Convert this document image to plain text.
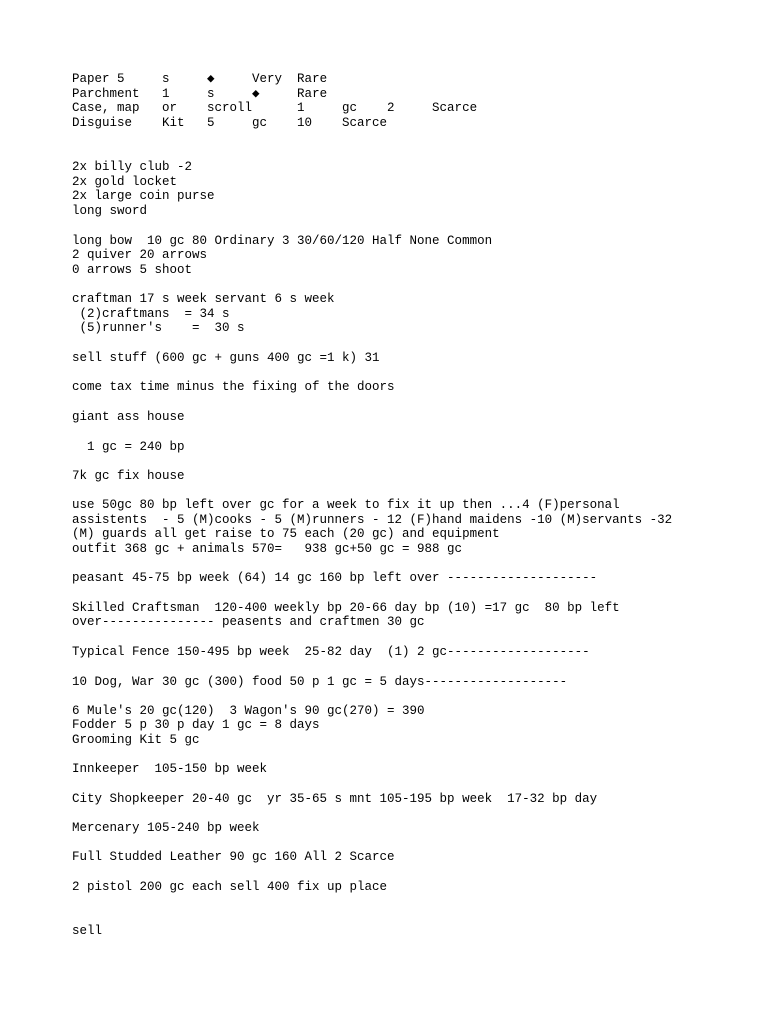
Paper 5     s     ◆     Very  Rare
Parchment   1     s     ◆     Rare
Case, map   or    scroll      1     gc    2     Scarce
Disguise    Kit   5     gc    10    Scarce
2x billy club -2
2x gold locket
2x large coin purse
long sword
long bow  10 gc 80 Ordinary 3 30/60/120 Half None Common
2 quiver 20 arrows
0 arrows 5 shoot
craftman 17 s week servant 6 s week
(2)craftmans  = 34 s
(5)runner's    =  30 s
sell stuff (600 gc + guns 400 gc =1 k) 31
come tax time minus the fixing of the doors
giant ass house
1 gc = 240 bp
7k gc fix house
use 50gc 80 bp left over gc for a week to fix it up then ...4 (F)personal
assistents  - 5 (M)cooks - 5 (M)runners - 12 (F)hand maidens -10 (M)servants -32
(M) guards all get raise to 75 each (20 gc) and equipment
outfit 368 gc + animals 570=   938 gc+50 gc = 988 gc
peasant 45-75 bp week (64) 14 gc 160 bp left over --------------------
Skilled Craftsman  120-400 weekly bp 20-66 day bp (10) =17 gc  80 bp left
over--------------- peasents and craftmen 30 gc
Typical Fence 150-495 bp week  25-82 day  (1) 2 gc-------------------
10 Dog, War 30 gc (300) food 50 p 1 gc = 5 days-------------------
6 Mule's 20 gc(120)  3 Wagon's 90 gc(270) = 390
Fodder 5 p 30 p day 1 gc = 8 days
Grooming Kit 5 gc
Innkeeper  105-150 bp week
City Shopkeeper 20-40 gc  yr 35-65 s mnt 105-195 bp week  17-32 bp day
Mercenary 105-240 bp week
Full Studded Leather 90 gc 160 All 2 Scarce
2 pistol 200 gc each sell 400 fix up place
sell
